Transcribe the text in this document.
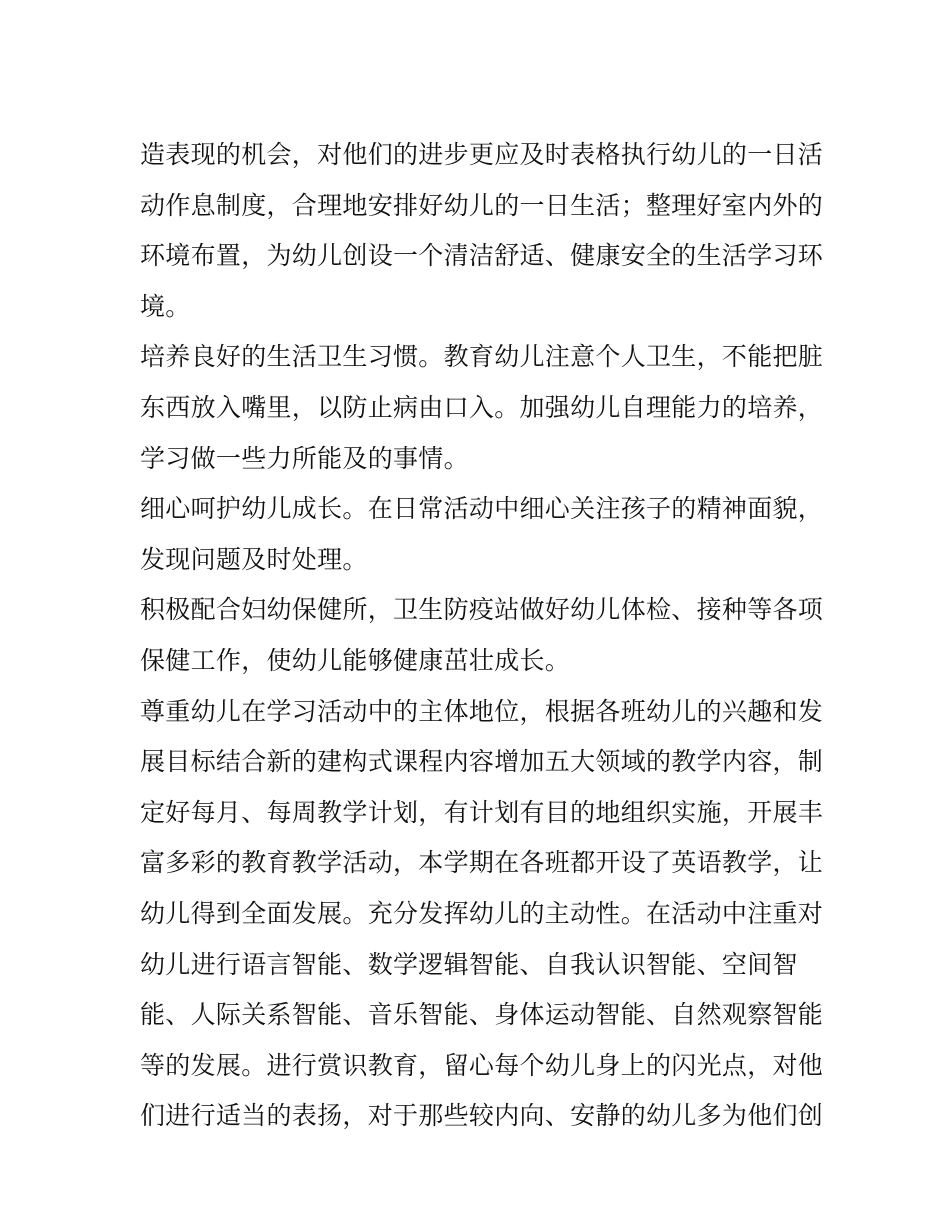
造表现的机会，对他们的进步更应及时表格执行幼儿的一日活
动作息制度，合理地安排好幼儿的一日生活；整理好室内外的
环境布置，为幼儿创设一个清洁舒适、健康安全的生活学习环
境。
培养良好的生活卫生习惯。教育幼儿注意个人卫生，不能把脏
东西放入嘴里，以防止病由口入。加强幼儿自理能力的培养，
学习做一些力所能及的事情。
细心呵护幼儿成长。在日常活动中细心关注孩子的精神面貌，
发现问题及时处理。
积极配合妇幼保健所，卫生防疫站做好幼儿体检、接种等各项
保健工作，使幼儿能够健康茁壮成长。
尊重幼儿在学习活动中的主体地位，根据各班幼儿的兴趣和发
展目标结合新的建构式课程内容增加五大领域的教学内容，制
定好每月、每周教学计划，有计划有目的地组织实施，开展丰
富多彩的教育教学活动，本学期在各班都开设了英语教学，让
幼儿得到全面发展。充分发挥幼儿的主动性。在活动中注重对
幼儿进行语言智能、数学逻辑智能、自我认识智能、空间智
能、人际关系智能、音乐智能、身体运动智能、自然观察智能
等的发展。进行赏识教育，留心每个幼儿身上的闪光点，对他
们进行适当的表扬，对于那些较内向、安静的幼儿多为他们创
